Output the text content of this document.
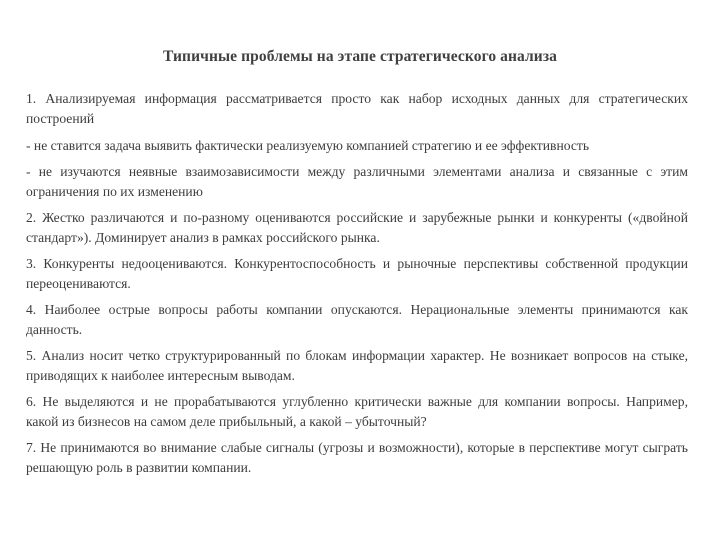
Типичные проблемы на этапе стратегического анализа

1. Анализируемая информация рассматривается просто как набор исходных данных для стратегических построений

- не ставится задача выявить фактически реализуемую компанией стратегию и ее эффективность

- не изучаются неявные взаимозависимости между различными элементами анализа и связанные с этим ограничения по их изменению

2. Жестко различаются и по-разному оцениваются российские и зарубежные рынки и конкуренты («двойной стандарт»). Доминирует анализ в рамках российского рынка.

3. Конкуренты недооцениваются. Конкурентоспособность и рыночные перспективы собственной продукции переоцениваются.

4. Наиболее острые вопросы работы компании опускаются. Нерациональные элементы принимаются как данность.

5. Анализ носит четко структурированный по блокам информации характер. Не возникает вопросов на стыке, приводящих к наиболее интересным выводам.

6. Не выделяются и не прорабатываются углубленно критически важные для компании вопросы. Например, какой из бизнесов на самом деле прибыльный, а какой – убыточный?

7. Не принимаются во внимание слабые сигналы (угрозы и возможности), которые в перспективе могут сыграть решающую роль в развитии компании.
